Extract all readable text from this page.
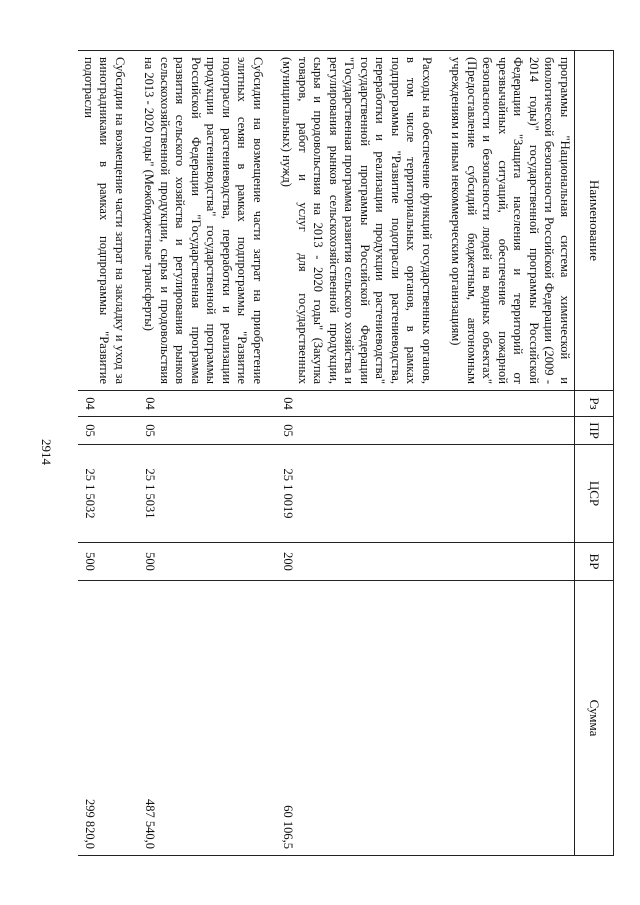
2914
Наименование	Рз	ПР	ЦСР	ВР	Сумма
программы "Национальная система химической и биологической безопасности Российской Федерации (2009 - 2014 годы)" государственной программы Российской Федерации "Защита населения и территорий от чрезвычайных ситуаций, обеспечение пожарной безопасности и безопасности людей на водных объектах" (Предоставление субсидий бюджетным, автономным учреждениям и иным некоммерческим организациям)					
Расходы на обеспечение функций государственных органов, в том числе территориальных органов, в рамках подпрограммы "Развитие подотрасли растениеводства, переработки и реализации продукции растениеводства" государственной программы Российской Федерации "Государственная программа развития сельского хозяйства и регулирования рынков сельскохозяйственной продукции, сырья и продовольствия на 2013 - 2020 годы" (Закупка товаров, работ и услуг для государственных (муниципальных) нужд)	04	05	25 1 0019	200	60 106,5
Субсидии на возмещение части затрат на приобретение элитных семян в рамках подпрограммы "Развитие подотрасли растениеводства, переработки и реализации продукции растениеводства" государственной программы Российской Федерации "Государственная программа развития сельского хозяйства и регулирования рынков сельскохозяйственной продукции, сырья и продовольствия на 2013 - 2020 годы" (Межбюджетные трансферты)	04	05	25 1 5031	500	487 540,0
Субсидии на возмещение части затрат на закладку и уход за виноградниками в рамках подпрограммы "Развитие подотрасли	04	05	25 1 5032	500	299 820,0
